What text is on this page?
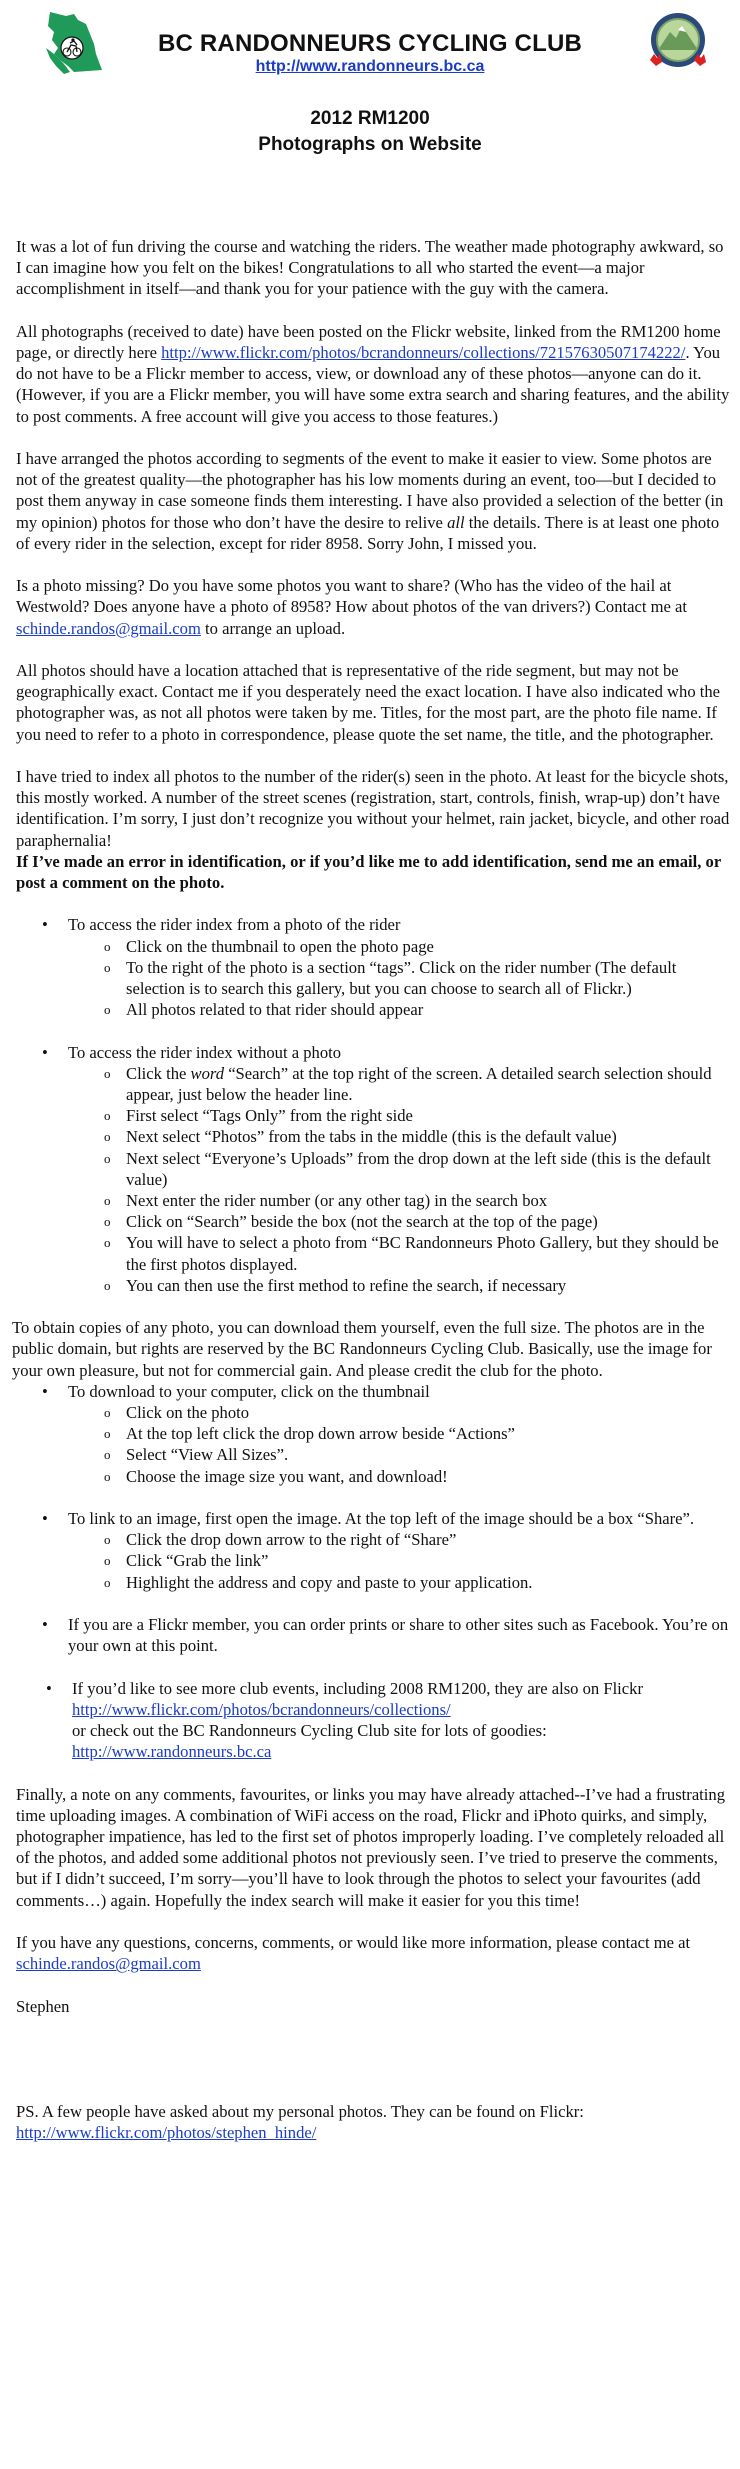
BC RANDONNEURS CYCLING CLUB
http://www.randonneurs.bc.ca
2012 RM1200
Photographs on Website

It was a lot of fun driving the course and watching the riders. The weather made photography awkward, so I can imagine how you felt on the bikes! Congratulations to all who started the event—a major accomplishment in itself—and thank you for your patience with the guy with the camera.

All photographs (received to date) have been posted on the Flickr website, linked from the RM1200 home page, or directly here http://www.flickr.com/photos/bcrandonneurs/collections/72157630507174222/. You do not have to be a Flickr member to access, view, or download any of these photos—anyone can do it. (However, if you are a Flickr member, you will have some extra search and sharing features, and the ability to post comments. A free account will give you access to those features.)

I have arranged the photos according to segments of the event to make it easier to view. Some photos are not of the greatest quality—the photographer has his low moments during an event, too—but I decided to post them anyway in case someone finds them interesting. I have also provided a selection of the better (in my opinion) photos for those who don’t have the desire to relive all the details. There is at least one photo of every rider in the selection, except for rider 8958. Sorry John, I missed you.

Is a photo missing? Do you have some photos you want to share? (Who has the video of the hail at Westwold? Does anyone have a photo of 8958? How about photos of the van drivers?) Contact me at schinde.randos@gmail.com to arrange an upload.

All photos should have a location attached that is representative of the ride segment, but may not be geographically exact. Contact me if you desperately need the exact location. I have also indicated who the photographer was, as not all photos were taken by me. Titles, for the most part, are the photo file name. If you need to refer to a photo in correspondence, please quote the set name, the title, and the photographer.

I have tried to index all photos to the number of the rider(s) seen in the photo. At least for the bicycle shots, this mostly worked. A number of the street scenes (registration, start, controls, finish, wrap-up) don’t have identification. I’m sorry, I just don’t recognize you without your helmet, rain jacket, bicycle, and other road paraphernalia!
If I’ve made an error in identification, or if you’d like me to add identification, send me an email, or post a comment on the photo.

• To access the rider index from a photo of the rider
o Click on the thumbnail to open the photo page
o To the right of the photo is a section “tags”. Click on the rider number (The default selection is to search this gallery, but you can choose to search all of Flickr.)
o All photos related to that rider should appear
• To access the rider index without a photo
o Click the word “Search” at the top right of the screen. A detailed search selection should appear, just below the header line.
o First select “Tags Only” from the right side
o Next select “Photos” from the tabs in the middle (this is the default value)
o Next select “Everyone’s Uploads” from the drop down at the left side (this is the default value)
o Next enter the rider number (or any other tag) in the search box
o Click on “Search” beside the box (not the search at the top of the page)
o You will have to select a photo from “BC Randonneurs Photo Gallery, but they should be the first photos displayed.
o You can then use the first method to refine the search, if necessary

To obtain copies of any photo, you can download them yourself, even the full size. The photos are in the public domain, but rights are reserved by the BC Randonneurs Cycling Club. Basically, use the image for your own pleasure, but not for commercial gain. And please credit the club for the photo.

• To download to your computer, click on the thumbnail
o Click on the photo
o At the top left click the drop down arrow beside “Actions”
o Select “View All Sizes”.
o Choose the image size you want, and download!
• To link to an image, first open the image. At the top left of the image should be a box “Share”.
o Click the drop down arrow to the right of “Share”
o Click “Grab the link”
o Highlight the address and copy and paste to your application.
• If you are a Flickr member, you can order prints or share to other sites such as Facebook. You’re on your own at this point.
• If you’d like to see more club events, including 2008 RM1200, they are also on Flickr http://www.flickr.com/photos/bcrandonneurs/collections/
or check out the BC Randonneurs Cycling Club site for lots of goodies:
http://www.randonneurs.bc.ca

Finally, a note on any comments, favourites, or links you may have already attached--I’ve had a frustrating time uploading images. A combination of WiFi access on the road, Flickr and iPhoto quirks, and simply, photographer impatience, has led to the first set of photos improperly loading. I’ve completely reloaded all of the photos, and added some additional photos not previously seen. I’ve tried to preserve the comments, but if I didn’t succeed, I’m sorry—you’ll have to look through the photos to select your favourites (add comments…) again. Hopefully the index search will make it easier for you this time!

If you have any questions, concerns, comments, or would like more information, please contact me at schinde.randos@gmail.com

Stephen

PS. A few people have asked about my personal photos. They can be found on Flickr: http://www.flickr.com/photos/stephen_hinde/
